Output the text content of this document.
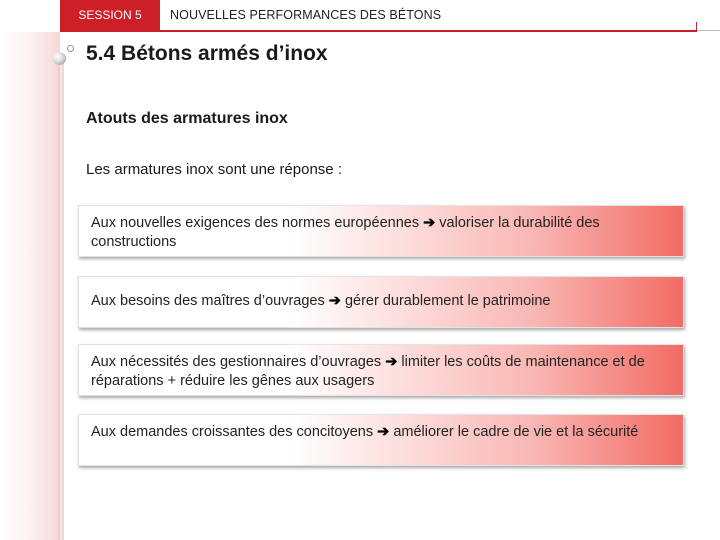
SESSION 5	NOUVELLES PERFORMANCES DES BÉTONS
5.4 Bétons armés d’inox
Atouts des armatures inox
Les armatures inox sont une réponse :
Aux nouvelles exigences des normes européennes ➔ valoriser la durabilité des constructions
Aux besoins des maîtres d’ouvrages ➔ gérer durablement le patrimoine
Aux nécessités des gestionnaires d’ouvrages ➔ limiter les coûts de maintenance et de réparations + réduire les gênes aux usagers
Aux demandes croissantes des concitoyens ➔ améliorer le cadre de vie et la sécurité
